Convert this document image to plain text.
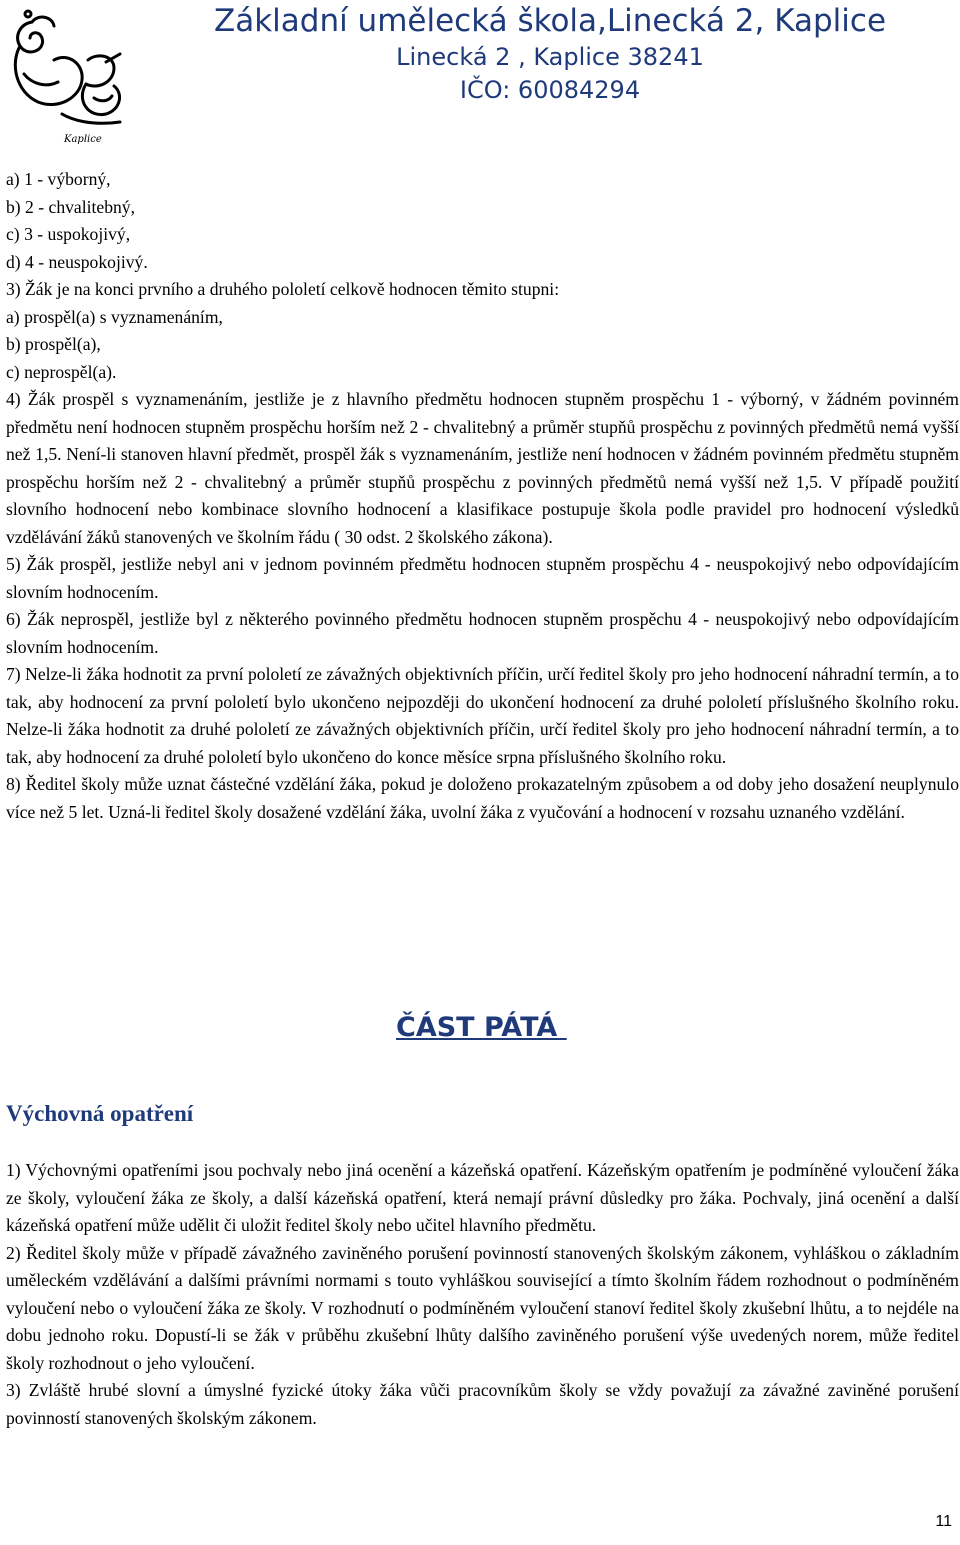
Kaplice
Základní umělecká škola,Linecká 2, Kaplice
Linecká 2 , Kaplice 38241
IČO: 60084294

a) 1 - výborný,

b) 2 - chvalitebný,

c) 3 - uspokojivý,

d) 4 - neuspokojivý.

3) Žák je na konci prvního a druhého pololetí celkově hodnocen těmito stupni:

a) prospěl(a) s vyznamenáním,

b) prospěl(a),

c) neprospěl(a).

4) Žák prospěl s vyznamenáním, jestliže je z hlavního předmětu hodnocen stupněm prospěchu 1 - výborný, v žádném povinném předmětu není hodnocen stupněm prospěchu horším než 2 - chvalitebný a průměr stupňů prospěchu z povinných předmětů nemá vyšší než 1,5. Není-li stanoven hlavní předmět, prospěl žák s vyznamenáním, jestliže není hodnocen v žádném povinném předmětu stupněm prospěchu horším než 2 - chvalitebný a průměr stupňů prospěchu z povinných předmětů nemá vyšší než 1,5. V případě použití slovního hodnocení nebo kombinace slovního hodnocení a klasifikace postupuje škola podle pravidel pro hodnocení výsledků vzdělávání žáků stanovených ve školním řádu ( 30 odst. 2 školského zákona).

5) Žák prospěl, jestliže nebyl ani v jednom povinném předmětu hodnocen stupněm prospěchu 4 - neuspokojivý nebo odpovídajícím slovním hodnocením.

6) Žák neprospěl, jestliže byl z některého povinného předmětu hodnocen stupněm prospěchu 4 - neuspokojivý nebo odpovídajícím slovním hodnocením.

7) Nelze-li žáka hodnotit za první pololetí ze závažných objektivních příčin, určí ředitel školy pro jeho hodnocení náhradní termín, a to tak, aby hodnocení za první pololetí bylo ukončeno nejpozději do ukončení hodnocení za druhé pololetí příslušného školního roku. Nelze-li žáka hodnotit za druhé pololetí ze závažných objektivních příčin, určí ředitel školy pro jeho hodnocení náhradní termín, a to tak, aby hodnocení za druhé pololetí bylo ukončeno do konce měsíce srpna příslušného školního roku.

8) Ředitel školy může uznat částečné vzdělání žáka, pokud je doloženo prokazatelným způsobem a od doby jeho dosažení neuplynulo více než 5 let. Uzná-li ředitel školy dosažené vzdělání žáka, uvolní žáka z vyučování a hodnocení v rozsahu uznaného vzdělání.

ČÁST PÁTÁ
Výchovná opatření

1) Výchovnými opatřeními jsou pochvaly nebo jiná ocenění a kázeňská opatření. Kázeňským opatřením je podmíněné vyloučení žáka ze školy, vyloučení žáka ze školy, a další kázeňská opatření, která nemají právní důsledky pro žáka. Pochvaly, jiná ocenění a další kázeňská opatření může udělit či uložit ředitel školy nebo učitel hlavního předmětu.

2) Ředitel školy může v případě závažného zaviněného porušení povinností stanovených školským zákonem, vyhláškou o základním uměleckém vzdělávání a dalšími právními normami s touto vyhláškou související a tímto školním řádem rozhodnout o podmíněném vyloučení nebo o vyloučení žáka ze školy. V rozhodnutí o podmíněném vyloučení stanoví ředitel školy zkušební lhůtu, a to nejdéle na dobu jednoho roku. Dopustí-li se žák v průběhu zkušební lhůty dalšího zaviněného porušení výše uvedených norem, může ředitel školy rozhodnout o jeho vyloučení.

3) Zvláště hrubé slovní a úmyslné fyzické útoky žáka vůči pracovníkům školy se vždy považují za závažné zaviněné porušení povinností stanovených školským zákonem.

11
